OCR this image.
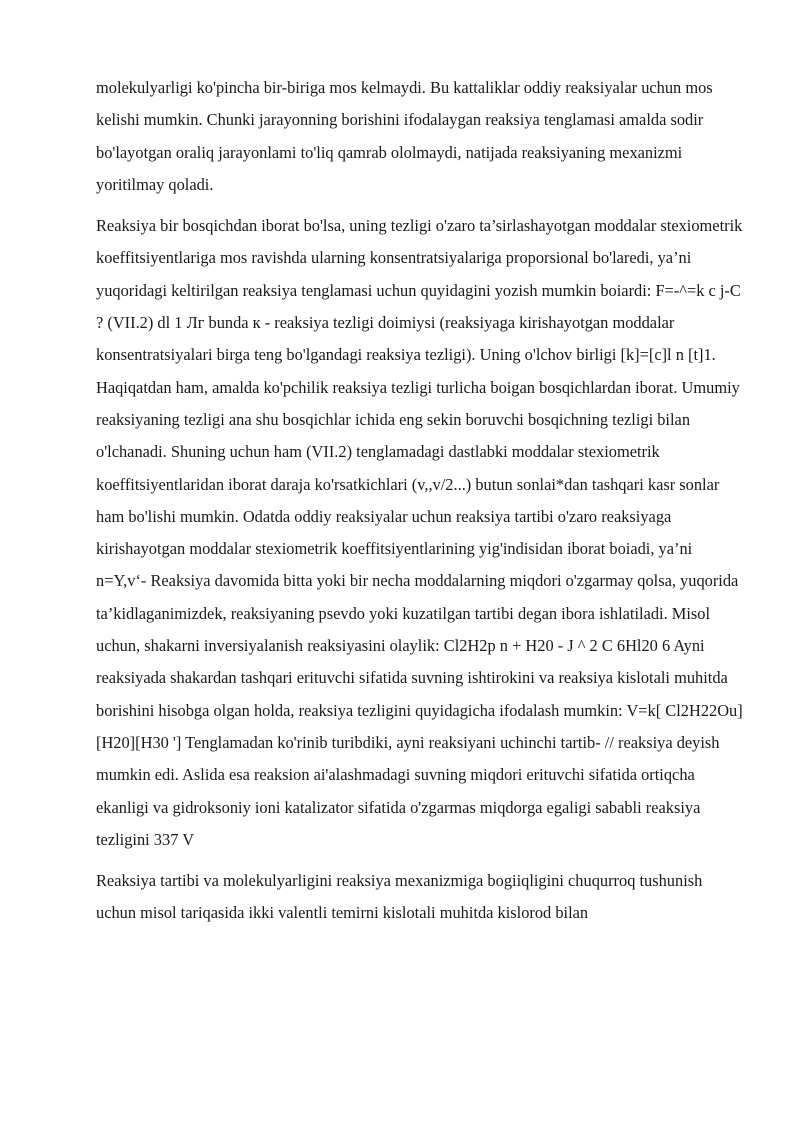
molekulyarligi ko'pincha bir-biriga mos kelmaydi. Bu kattaliklar oddiy reaksiyalar uchun mos kelishi mumkin. Chunki jarayonning borishini ifodalaygan reaksiya tenglamasi amalda sodir bo'layotgan oraliq jarayonlami to'liq qamrab ololmaydi, natijada reaksiyaning mexanizmi yoritilmay qoladi.

Reaksiya bir bosqichdan iborat bo'lsa, uning tezligi o'zaro ta’sirlashayotgan moddalar stexiometrik koeffitsiyentlariga mos ravishda ularning konsentratsiyalariga proporsional bo'laredi, ya’ni yuqoridagi keltirilgan reaksiya tenglamasi uchun quyidagini yozish mumkin boiardi: F=-^=k c j-C ? (VII.2) dl 1 Лг bunda к - reaksiya tezligi doimiysi (reaksiyaga kirishayotgan moddalar konsentratsiyalari birga teng bo'lgandagi reaksiya tezligi). Uning o'lchov birligi [k]=[c]l n [t]1. Haqiqatdan ham, amalda ko'pchilik reaksiya tezligi turlicha boigan bosqichlardan iborat. Umumiy reaksiyaning tezligi ana shu bosqichlar ichida eng sekin boruvchi bosqichning tezligi bilan o'lchanadi. Shuning uchun ham (VII.2) tenglamadagi dastlabki moddalar stexiometrik koeffitsiyentlaridan iborat daraja ko'rsatkichlari (v,,v/2...) butun sonlai*dan tashqari kasr sonlar ham bo'lishi mumkin. Odatda oddiy reaksiyalar uchun reaksiya tartibi o'zaro reaksiyaga kirishayotgan moddalar stexiometrik koeffitsiyentlarining yig'indisidan iborat boiadi, ya’ni n=Y,v‘- Reaksiya davomida bitta yoki bir necha moddalarning miqdori o'zgarmay qolsa, yuqorida ta’kidlaganimizdek, reaksiyaning psevdo yoki kuzatilgan tartibi degan ibora ishlatiladi. Misol uchun, shakarni inversiyalanish reaksiyasini olaylik: Cl2H2p n + H20 - J ^ 2 C 6Hl20 6 Ayni reaksiyada shakardan tashqari erituvchi sifatida suvning ishtirokini va reaksiya kislotali muhitda borishini hisobga olgan holda, reaksiya tezligini quyidagicha ifodalash mumkin: V=k[ Cl2H22Ou] [H20][H30 '] Tenglamadan ko'rinib turibdiki, ayni reaksiyani uchinchi tartib- // reaksiya deyish mumkin edi. Aslida esa reaksion ai'alashmadagi suvning miqdori erituvchi sifatida ortiqcha ekanligi va gidroksoniy ioni katalizator sifatida o'zgarmas miqdorga egaligi sababli reaksiya tezligini 337 V

Reaksiya tartibi va molekulyarligini reaksiya mexanizmiga bogiiqligini chuqurroq tushunish uchun misol tariqasida ikki valentli temirni kislotali muhitda kislorod bilan
